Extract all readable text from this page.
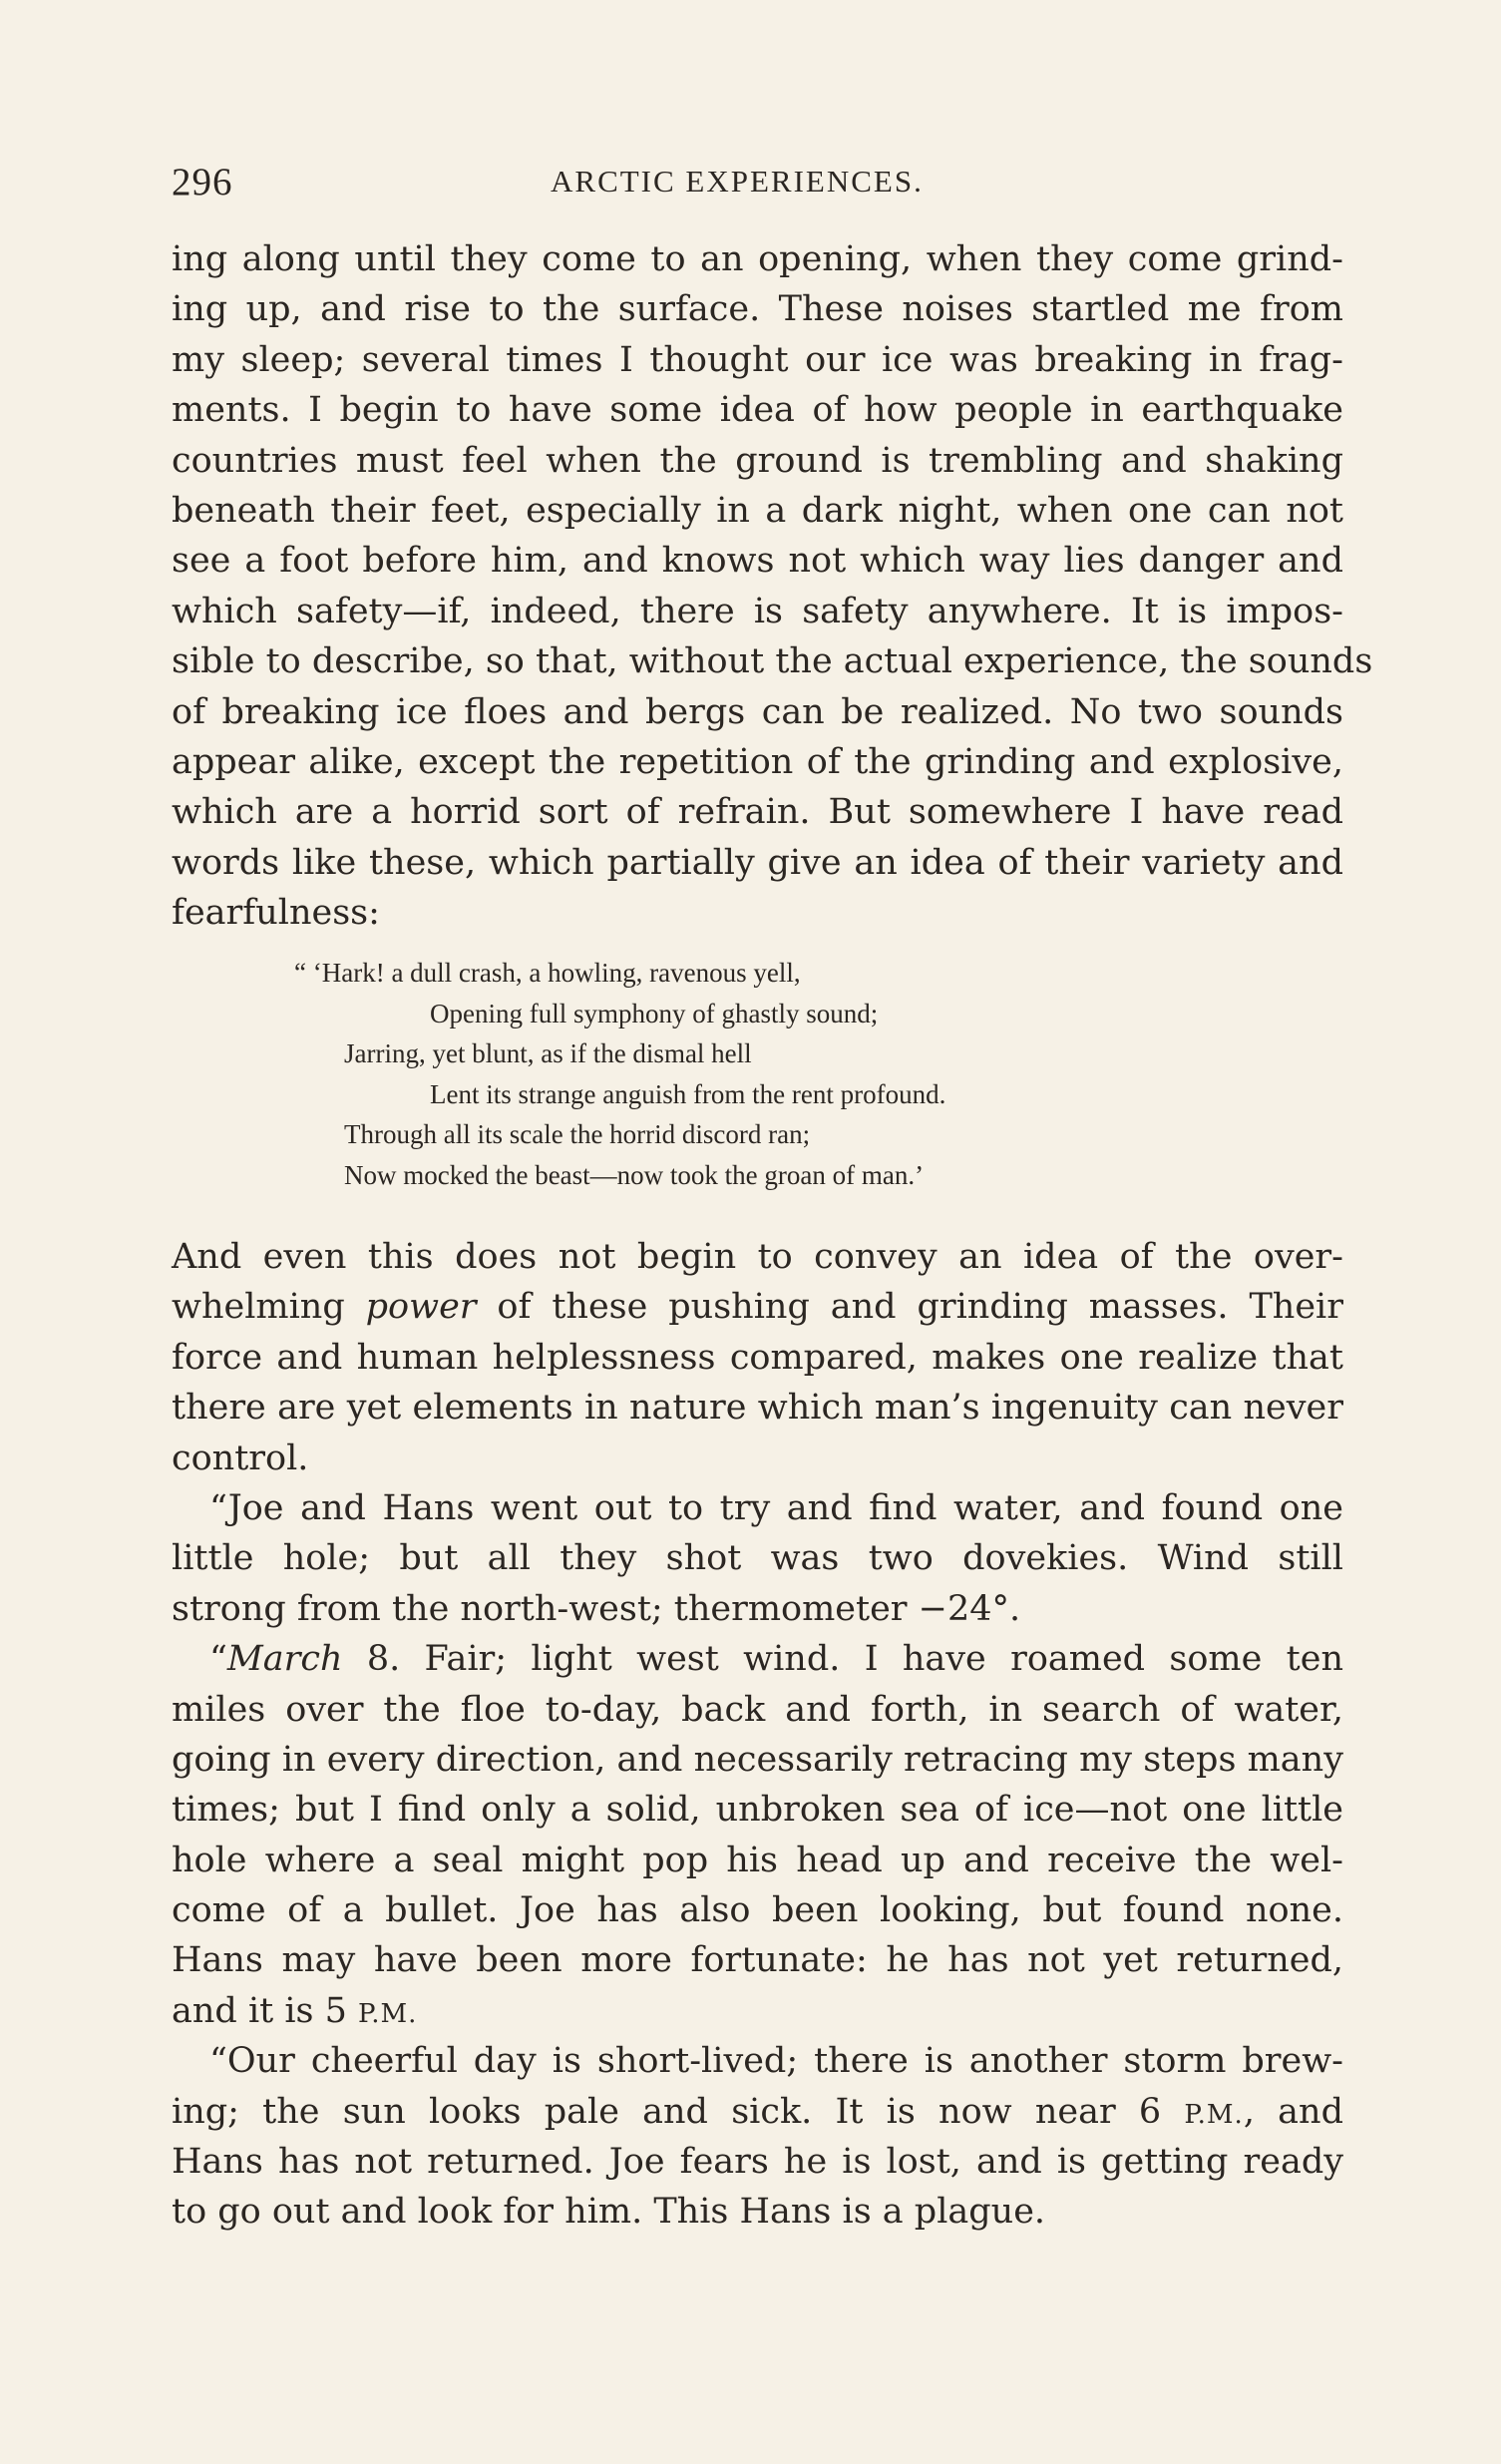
296	ARCTIC EXPERIENCES.
ing along until they come to an opening, when they come grind-
ing up, and rise to the surface. These noises startled me from
my sleep; several times I thought our ice was breaking in frag-
ments. I begin to have some idea of how people in earthquake
countries must feel when the ground is trembling and shaking
beneath their feet, especially in a dark night, when one can not
see a foot before him, and knows not which way lies danger and
which safety—if, indeed, there is safety anywhere. It is impos-
sible to describe, so that, without the actual experience, the sounds
of breaking ice floes and bergs can be realized. No two sounds
appear alike, except the repetition of the grinding and explosive,
which are a horrid sort of refrain. But somewhere I have read
words like these, which partially give an idea of their variety and
fearfulness:
“ ‘Hark! a dull crash, a howling, ravenous yell,
Opening full symphony of ghastly sound;
Jarring, yet blunt, as if the dismal hell
Lent its strange anguish from the rent profound.
Through all its scale the horrid discord ran;
Now mocked the beast—now took the groan of man.’
And even this does not begin to convey an idea of the over-
whelming power of these pushing and grinding masses. Their
force and human helplessness compared, makes one realize that
there are yet elements in nature which man’s ingenuity can never
control.
“Joe and Hans went out to try and find water, and found one
little hole; but all they shot was two dovekies. Wind still
strong from the north-west; thermometer −24°.
“March 8. Fair; light west wind. I have roamed some ten
miles over the floe to-day, back and forth, in search of water,
going in every direction, and necessarily retracing my steps many
times; but I find only a solid, unbroken sea of ice—not one little
hole where a seal might pop his head up and receive the wel-
come of a bullet. Joe has also been looking, but found none.
Hans may have been more fortunate: he has not yet returned,
and it is 5 P.M.
“Our cheerful day is short-lived; there is another storm brew-
ing; the sun looks pale and sick. It is now near 6 P.M., and
Hans has not returned. Joe fears he is lost, and is getting ready
to go out and look for him. This Hans is a plague.
